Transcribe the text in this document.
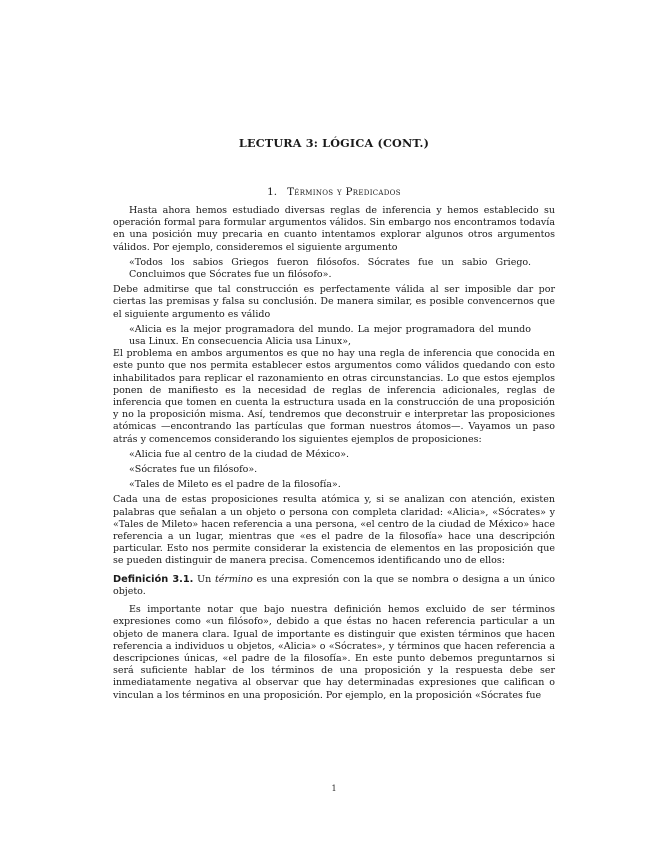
LECTURA 3: LÓGICA (CONT.)
1. Términos y Predicados

Hasta ahora hemos estudiado diversas reglas de inferencia y hemos establecido su operación formal para formular argumentos válidos. Sin embargo nos encontramos todavía en una posición muy precaria en cuanto intentamos explorar algunos otros argumentos válidos. Por ejemplo, consideremos el siguiente argumento

«Todos los sabios Griegos fueron filósofos. Sócrates fue un sabio Griego. Concluimos que Sócrates fue un filósofo».

Debe admitirse que tal construcción es perfectamente válida al ser imposible dar por ciertas las premisas y falsa su conclusión. De manera similar, es posible convencernos que el siguiente argumento es válido

«Alicia es la mejor programadora del mundo. La mejor programadora del mundo usa Linux. En consecuencia Alicia usa Linux»,

El problema en ambos argumentos es que no hay una regla de inferencia que conocida en este punto que nos permita establecer estos argumentos como válidos quedando con esto inhabilitados para replicar el razonamiento en otras circunstancias. Lo que estos ejemplos ponen de manifiesto es la necesidad de reglas de inferencia adicionales, reglas de inferencia que tomen en cuenta la estructura usada en la construcción de una proposición y no la proposición misma. Así, tendremos que deconstruir e interpretar las proposiciones atómicas —encontrando las partículas que forman nuestros átomos—. Vayamos un paso atrás y comencemos considerando los siguientes ejemplos de proposiciones:

«Alicia fue al centro de la ciudad de México».
«Sócrates fue un filósofo».
«Tales de Mileto es el padre de la filosofía».

Cada una de estas proposiciones resulta atómica y, si se analizan con atención, existen palabras que señalan a un objeto o persona con completa claridad: «Alicia», «Sócrates» y «Tales de Mileto» hacen referencia a una persona, «el centro de la ciudad de México» hace referencia a un lugar, mientras que «es el padre de la filosofía» hace una descripción particular. Esto nos permite considerar la existencia de elementos en las proposición que se pueden distinguir de manera precisa. Comencemos identificando uno de ellos:

Definición 3.1. Un término es una expresión con la que se nombra o designa a un único objeto.

Es importante notar que bajo nuestra definición hemos excluido de ser términos expresiones como «un filósofo», debido a que éstas no hacen referencia particular a un objeto de manera clara. Igual de importante es distinguir que existen términos que hacen referencia a individuos u objetos, «Alicia» o «Sócrates», y términos que hacen referencia a descripciones únicas, «el padre de la filosofía». En este punto debemos preguntarnos si será suficiente hablar de los términos de una proposición y la respuesta debe ser inmediatamente negativa al observar que hay determinadas expresiones que califican o vinculan a los términos en una proposición. Por ejemplo, en la proposición «Sócrates fue

1
